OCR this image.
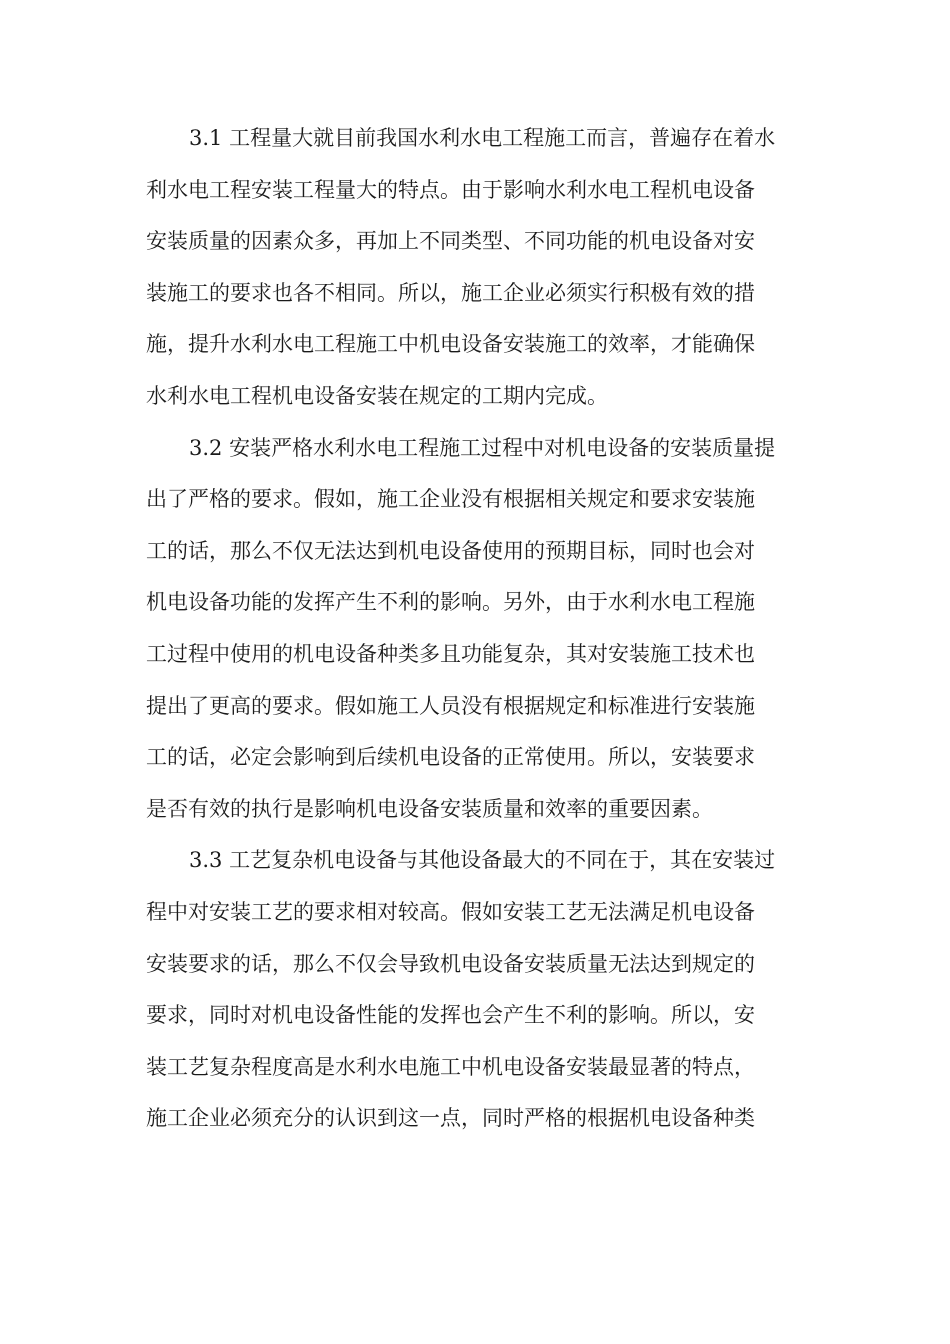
3.1 工程量大就目前我国水利水电工程施工而言，普遍存在着水
利水电工程安装工程量大的特点。由于影响水利水电工程机电设备
安装质量的因素众多，再加上不同类型、不同功能的机电设备对安
装施工的要求也各不相同。所以，施工企业必须实行积极有效的措
施，提升水利水电工程施工中机电设备安装施工的效率，才能确保
水利水电工程机电设备安装在规定的工期内完成。
3.2 安装严格水利水电工程施工过程中对机电设备的安装质量提
出了严格的要求。假如，施工企业没有根据相关规定和要求安装施
工的话，那么不仅无法达到机电设备使用的预期目标，同时也会对
机电设备功能的发挥产生不利的影响。另外，由于水利水电工程施
工过程中使用的机电设备种类多且功能复杂，其对安装施工技术也
提出了更高的要求。假如施工人员没有根据规定和标准进行安装施
工的话，必定会影响到后续机电设备的正常使用。所以，安装要求
是否有效的执行是影响机电设备安装质量和效率的重要因素。
3.3 工艺复杂机电设备与其他设备最大的不同在于，其在安装过
程中对安装工艺的要求相对较高。假如安装工艺无法满足机电设备
安装要求的话，那么不仅会导致机电设备安装质量无法达到规定的
要求，同时对机电设备性能的发挥也会产生不利的影响。所以，安
装工艺复杂程度高是水利水电施工中机电设备安装最显著的特点，
施工企业必须充分的认识到这一点，同时严格的根据机电设备种类
